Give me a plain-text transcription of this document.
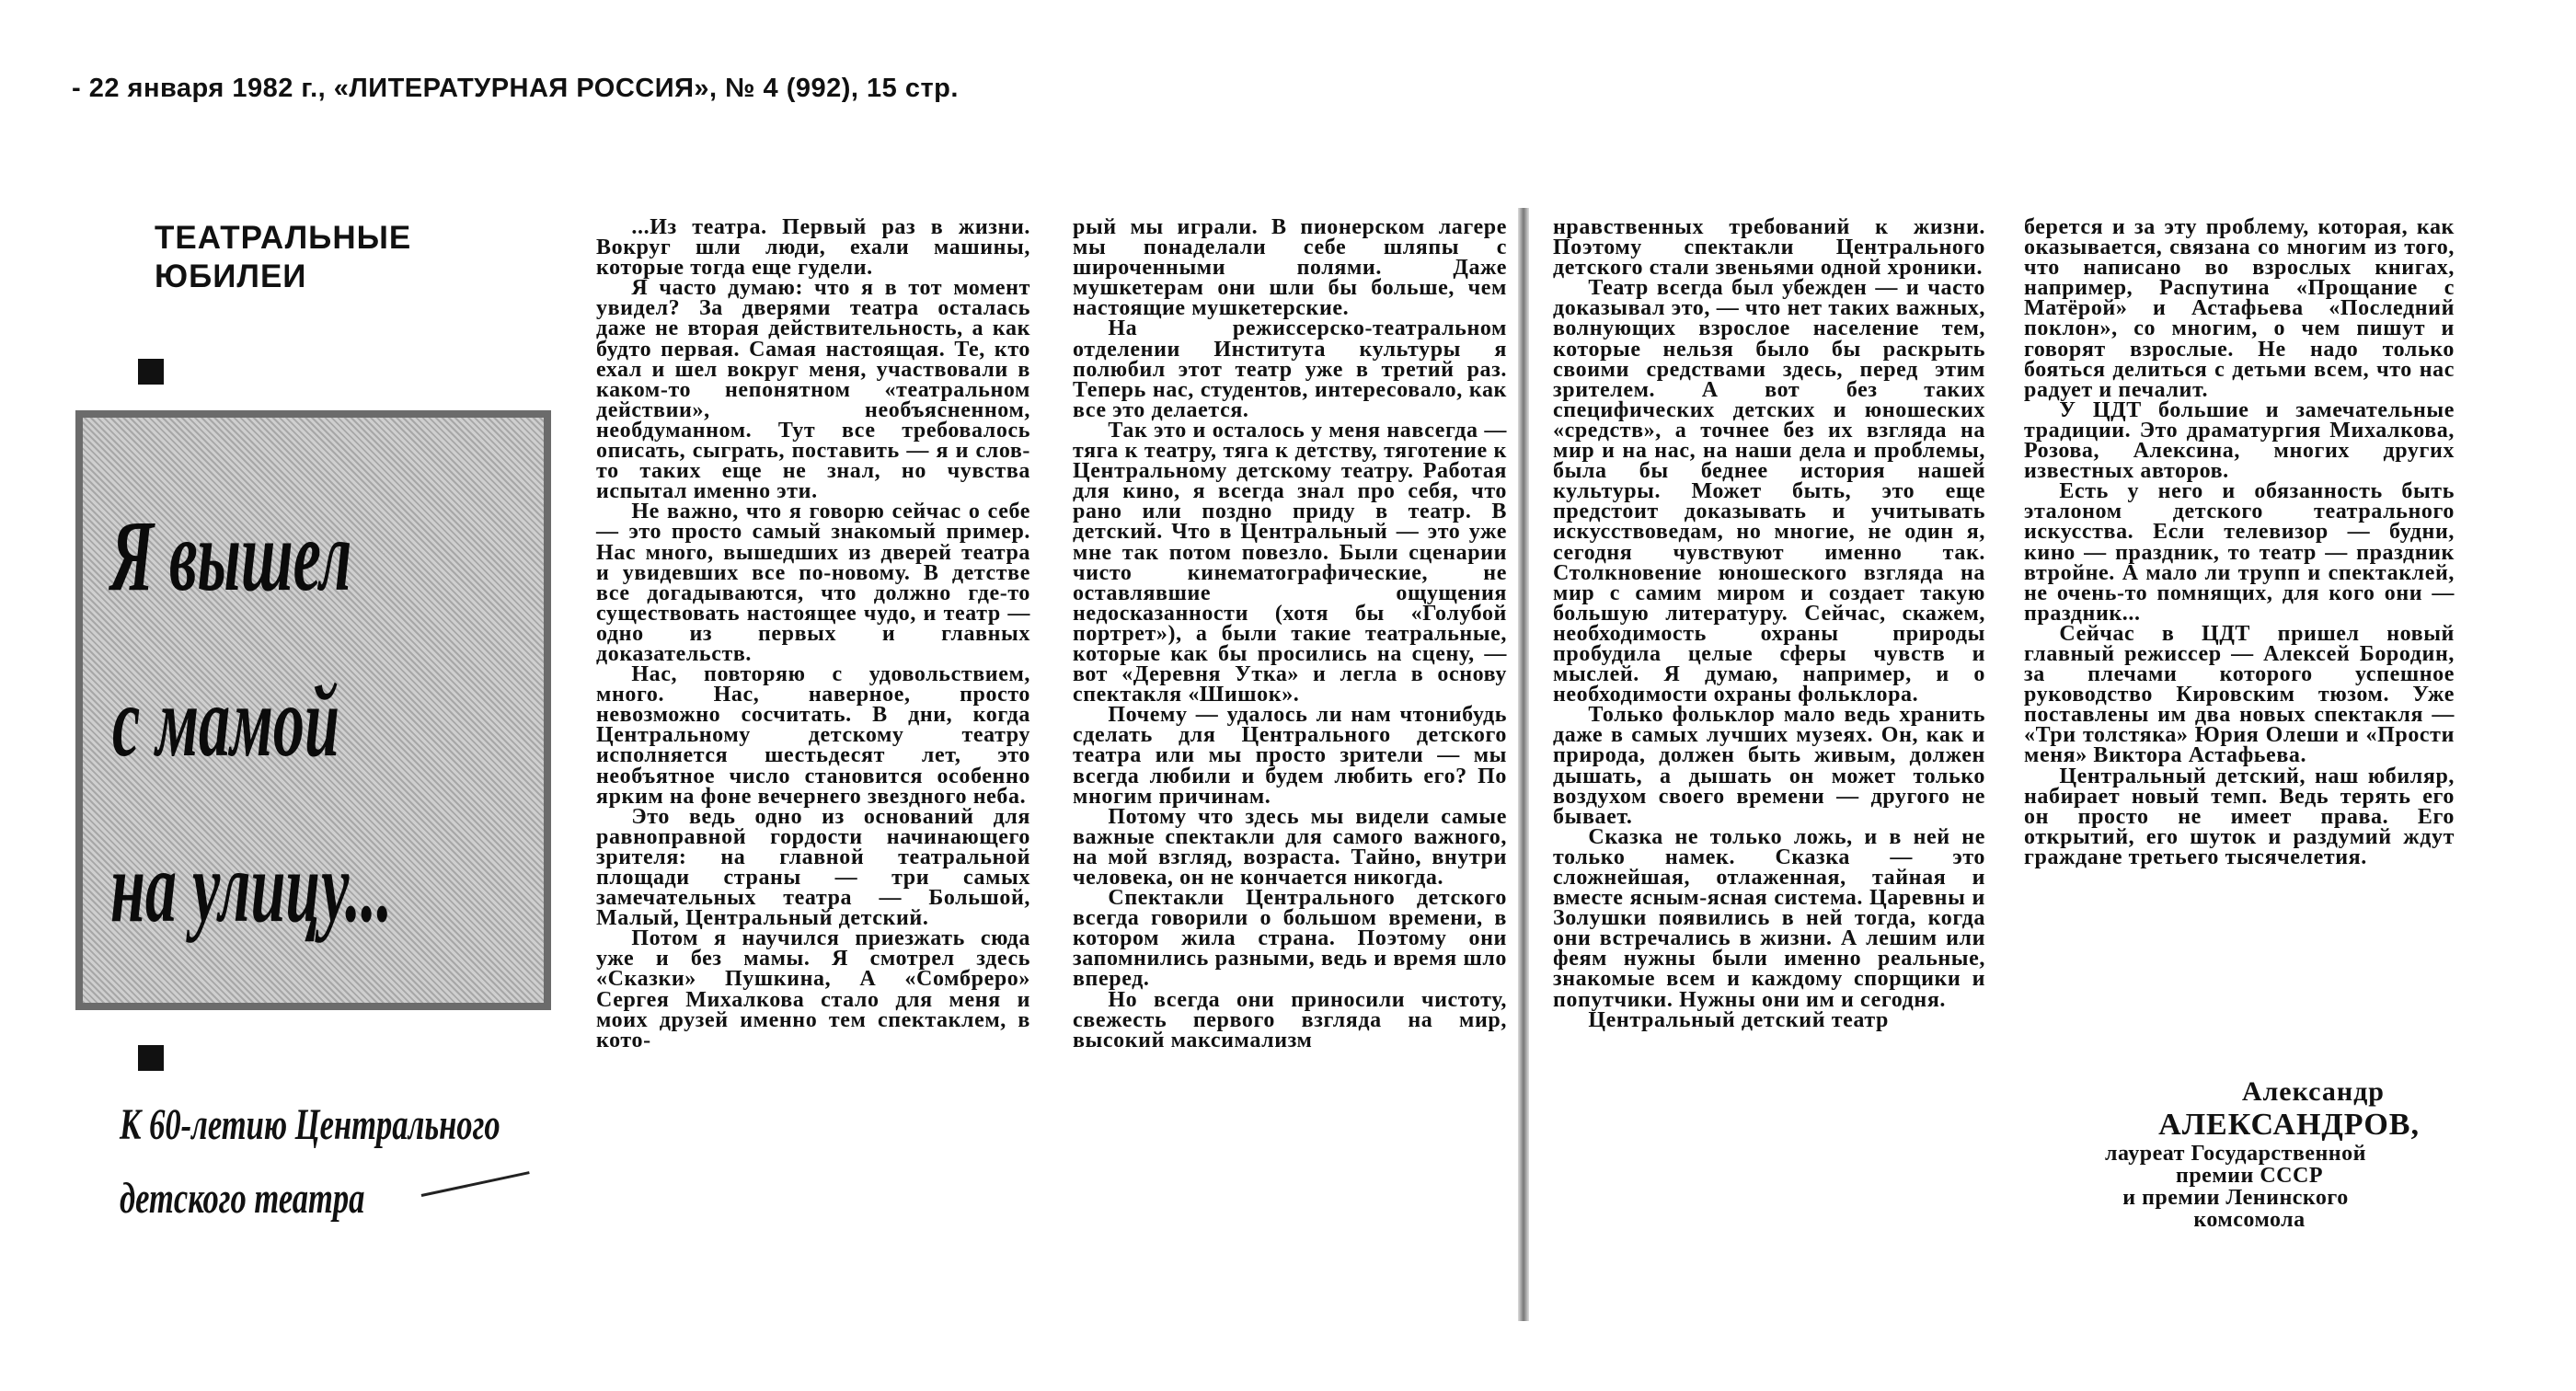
- 22 января 1982 г., «ЛИТЕРАТУРНАЯ РОССИЯ», № 4 (992), 15 стр.
ТЕАТРАЛЬНЫЕ
ЮБИЛЕИ
Я вышел
с мамой
на улицу...
К 60-летию Центрального
детского театра

...Из театра. Первый раз в жизни. Вокруг шли люди, ехали машины, которые тогда еще гудели.

Я часто думаю: что я в тот момент увидел? За дверями театра осталась даже не вторая действительность, а как будто первая. Самая настоящая. Те, кто ехал и шел вокруг меня, участвовали в каком-то непонятном «театральном действии», необъясненном, необдуманном. Тут все требовалось описать, сыграть, поставить — я и слов-то таких еще не знал, но чувства испытал именно эти.

Не важно, что я говорю сейчас о себе — это просто самый знакомый пример. Нас много, вышедших из дверей театра и увидевших все по-новому. В детстве все догадываются, что должно где-то существовать настоящее чудо, и театр — одно из первых и главных доказательств.

Нас, повторяю с удовольствием, много. Нас, наверное, просто невозможно сосчитать. В дни, когда Центральному детскому театру исполняется шестьдесят лет, это необъятное число становится особенно ярким на фоне вечернего звездного неба.

Это ведь одно из оснований для равноправной гордости начинающего зрителя: на главной театральной площади страны — три самых замечательных театра — Большой, Малый, Центральный детский.

Потом я научился приезжать сюда уже и без мамы. Я смотрел здесь «Сказки» Пушкина, А «Сомбреро» Сергея Михалкова стало для меня и моих друзей именно тем спектаклем, в кото-

рый мы играли. В пионерском лагере мы понаделали себе шляпы с широченными полями. Даже мушкетерам они шли бы больше, чем настоящие мушкетерские.

На режиссерско-театральном отделении Института культуры я полюбил этот театр уже в третий раз. Теперь нас, студентов, интересовало, как все это делается.

Так это и осталось у меня навсегда — тяга к театру, тяга к детству, тяготение к Центральному детскому театру. Работая для кино, я всегда знал про себя, что рано или поздно приду в театр. В детский. Что в Центральный — это уже мне так потом повезло. Были сценарии чисто кинематографические, не оставлявшие ощущения недосказанности (хотя бы «Голубой портрет»), а были такие театральные, которые как бы просились на сцену, — вот «Деревня Утка» и легла в основу спектакля «Шишок».

Почему — удалось ли нам чтонибудь сделать для Центрального детского театра или мы просто зрители — мы всегда любили и будем любить его? По многим причинам.

Потому что здесь мы видели самые важные спектакли для самого важного, на мой взгляд, возраста. Тайно, внутри человека, он не кончается никогда.

Спектакли Центрального детского всегда говорили о большом времени, в котором жила страна. Поэтому они запомнились разными, ведь и время шло вперед.

Но всегда они приносили чистоту, свежесть первого взгляда на мир, высокий максимализм

нравственных требований к жизни. Поэтому спектакли Центрального детского стали звеньями одной хроники.

Театр всегда был убежден — и часто доказывал это, — что нет таких важных, волнующих взрослое население тем, которые нельзя было бы раскрыть своими средствами здесь, перед этим зрителем. А вот без таких специфических детских и юношеских «средств», а точнее без их взгляда на мир и на нас, на наши дела и проблемы, была бы беднее история нашей культуры. Может быть, это еще предстоит доказывать и учитывать искусствоведам, но многие, не один я, сегодня чувствуют именно так. Столкновение юношеского взгляда на мир с самим миром и создает такую большую литературу. Сейчас, скажем, необходимость охраны природы пробудила целые сферы чувств и мыслей. Я думаю, например, и о необходимости охраны фольклора.

Только фольклор мало ведь хранить даже в самых лучших музеях. Он, как и природа, должен быть живым, должен дышать, а дышать он может только воздухом своего времени — другого не бывает.

Сказка не только ложь, и в ней не только намек. Сказка — это сложнейшая, отлаженная, тайная и вместе ясным-ясная система. Царевны и Золушки появились в ней тогда, когда они встречались в жизни. А лешим или феям нужны были именно реальные, знакомые всем и каждому спорщики и попутчики. Нужны они им и сегодня.

Центральный детский театр

берется и за эту проблему, которая, как оказывается, связана со многим из того, что написано во взрослых книгах, например, Распутина «Прощание с Матёрой» и Астафьева «Последний поклон», со многим, о чем пишут и говорят взрослые. Не надо только бояться делиться с детьми всем, что нас радует и печалит.

У ЦДТ большие и замечательные традиции. Это драматургия Михалкова, Розова, Алексина, многих других известных авторов.

Есть у него и обязанность быть эталоном детского театрального искусства. Если телевизор — будни, кино — праздник, то театр — праздник втройне. А мало ли трупп и спектаклей, не очень-то помнящих, для кого они — праздник...

Сейчас в ЦДТ пришел новый главный режиссер — Алексей Бородин, за плечами которого успешное руководство Кировским тюзом. Уже поставлены им два новых спектакля — «Три толстяка» Юрия Олеши и «Прости меня» Виктора Астафьева.

Центральный детский, наш юбиляр, набирает новый темп. Ведь терять его он просто не имеет права. Его открытий, его шуток и раздумий ждут граждане третьего тысячелетия.

Александр
АЛЕКСАНДРОВ,
лауреат Государственной
премии СССР
и премии Ленинского
комсомола
